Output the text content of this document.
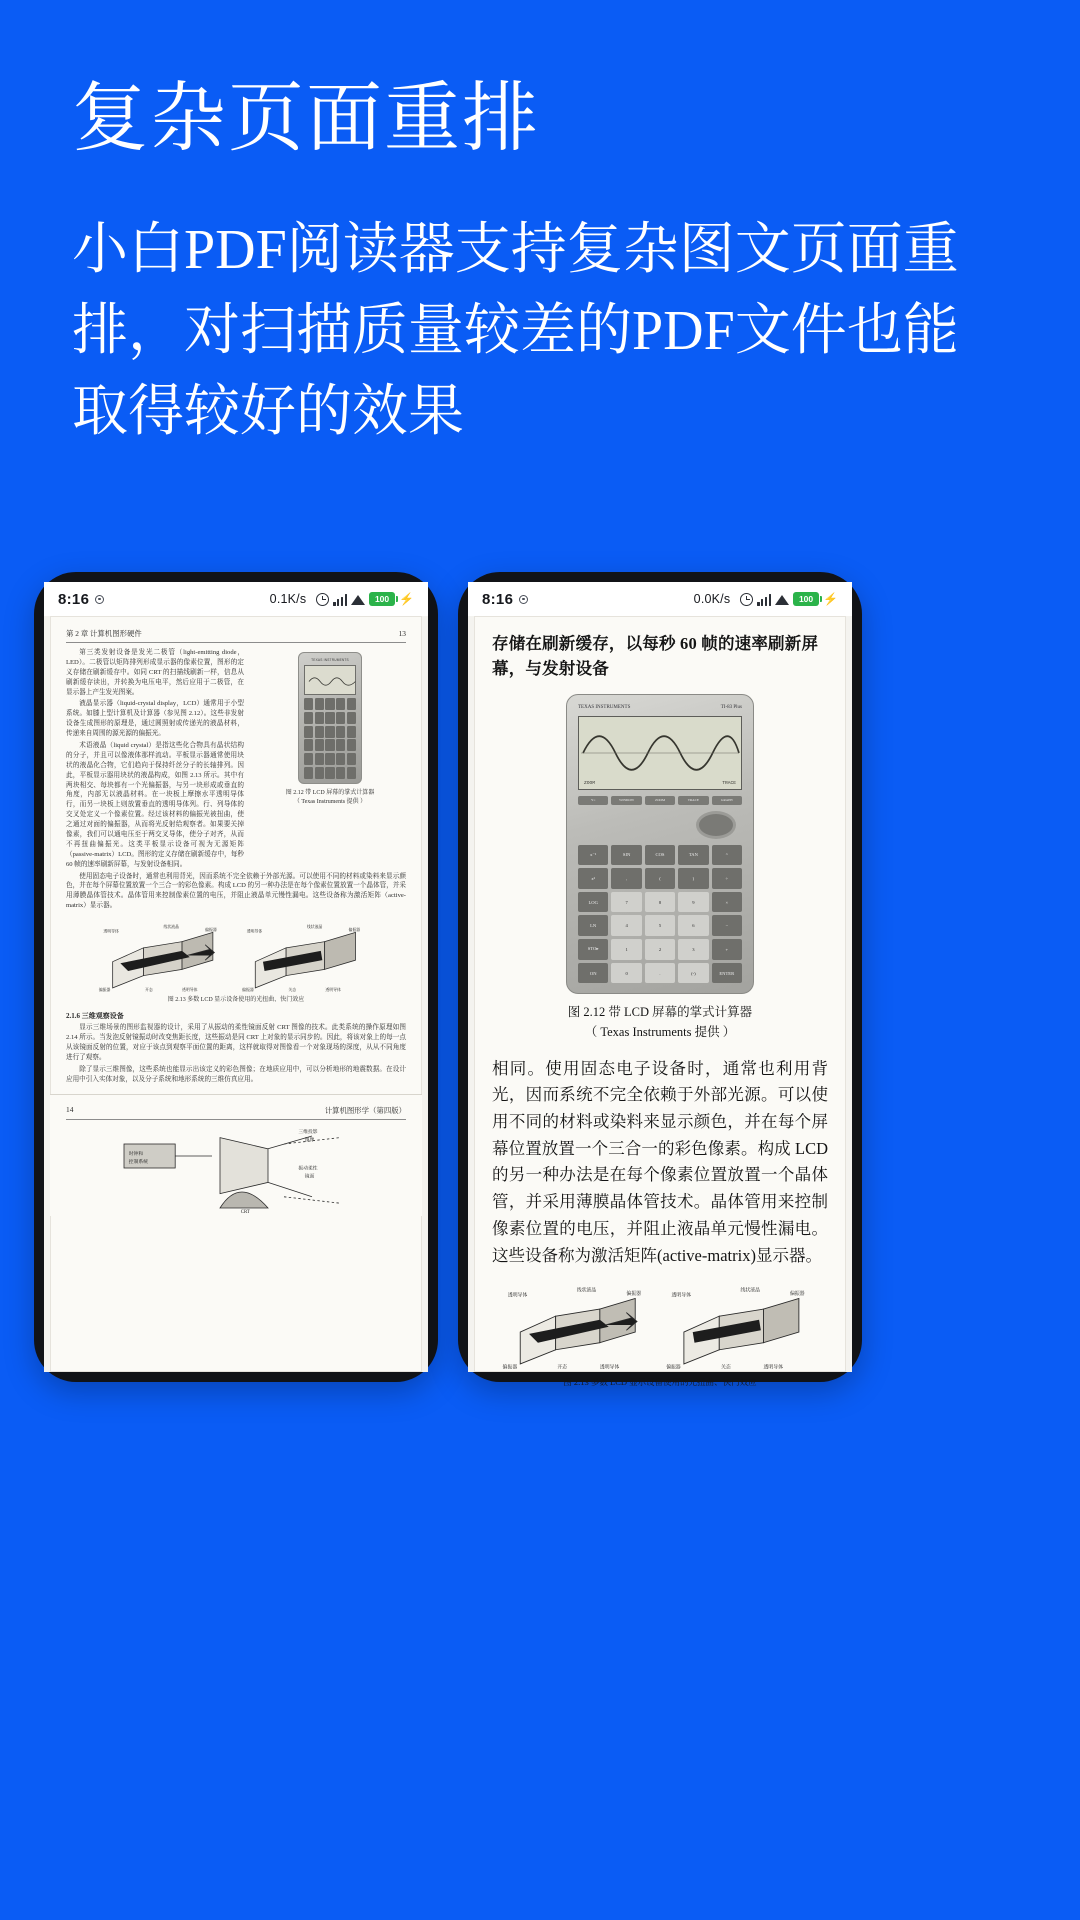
复杂页面重排
小白PDF阅读器支持复杂图文页面重排，对扫描质量较差的PDF文件也能取得较好的效果
8:16	0.1K/s	100 ⚡
第 2 章 计算机图形硬件	13

第三类发射设备是发光二极管（light-emitting diode，LED）。二极管以矩阵排列形成显示器的像素位置，图形的定义存储在刷新缓存中。如同 CRT 的扫描线刷新一样，信息从刷新缓存读出，并转换为电压电平，然后应用于二极管，在显示器上产生发光图案。

液晶显示器（liquid-crystal display，LCD）通常用于小型系统。如膝上型计算机及计算器（参见图 2.12）。这些非发射设备生成图形的原理是，通过圆照射或传递光的液晶材料，传递来自周围的源光源的偏振光。

术语液晶（liquid crystal）是指这些化合物具有晶状结构的分子，并且可以像液体那样流动。平板显示器通常使用块状的液晶化合物，它们趋向于保持纤丝分子的长轴排列。因此，平板显示器用块状的液晶构成，如图 2.13 所示。其中有两块相交、每块都有一个光偏振器，与另一块形成或垂直的角度，内部无以液晶材料。在一块板上摩擦水平透明导体行，而另一块板上则放置垂直的透明导体列。行、列导体的交叉处定义一个像素位置。经过该材料的偏振光被扭曲，使之通过对面的偏振器，从而将光反射给观察者。如果要关掉像素，我们可以通电压至于两交叉导体，使分子对齐，从而不再扭曲偏振光。这类平板显示设备可视为无源矩阵（passive-matrix）LCD。图形的定义存储在刷新缓存中，每秒 60 帧的速率刷新屏幕，与发射设备相同。

TEXAS INSTRUMENTS
图 2.12 带 LCD 屏幕的掌式计算器
（ Texas Instruments 提供 ）

使用固态电子设备时，通常也利用背光，因而系统不完全依赖于外部光源。可以使用不同的材料或染料来显示颜色，并在每个屏幕位置放置一个三合一的彩色像素。构成 LCD 的另一种办法是在每个像素位置放置一个晶体管，并采用薄膜晶体管技术。晶体管用来控制像素位置的电压，并阻止液晶单元慢性漏电。这些设备称为激活矩阵（active-matrix）显示器。

透明导体
线状液晶
偏振器
偏振器	开态	透明导体
透明导体
线状液晶
偏振器
偏振器	关态	透明导体
图 2.13 多数 LCD 显示设备使用的光扭曲、快门效应
2.1.6 三维观察设备

显示三维场景的图形监视器的设计，采用了从振动的柔性镜面反射 CRT 图像的技术。此类系统的操作原理如图 2.14 所示。当发泡反射镜振动时改变焦距长度，这些振动是同 CRT 上对象的显示同步的。因此，将该对象上的每一点从该镜面反射的位置，对应于该点到观察平面位置的距离，这样就取得对图像看一个对象现场的深度，从从不同角度进行了观察。

除了显示三维图像，这些系统也能显示出该定义的彩色图像；在地质应用中，可以分析地形的地震数据。在设计应用中引入实体对象，以及分子系统和地形系统的三维仿真应用。

14	计算机图形学（第四版）
时钟和
控制系统
三维投影
图像
振动柔性
镜面
CRT
8:16	0.0K/s	100 ⚡
存储在刷新缓存，以每秒 60 帧的速率刷新屏幕，与发射设备
TEXAS INSTRUMENTS	TI-83 Plus
ZOOM	TRACE
Y=	WINDOW	ZOOM	TRACE	GRAPH
x⁻¹	SIN	COS	TAN	^
x²	,	(	)	÷
LOG	7	8	9	×
LN	4	5	6	−
STO▸	1	2	3	+
ON	0	.	(-)	ENTER
图 2.12 带 LCD 屏幕的掌式计算器
（ Texas Instruments 提供 ）

相同。使用固态电子设备时，通常也利用背光，因而系统不完全依赖于外部光源。可以使用不同的材料或染料来显示颜色，并在每个屏幕位置放置一个三合一的彩色像素。构成 LCD 的另一种办法是在每个像素位置放置一个晶体管，并采用薄膜晶体管技术。晶体管用来控制像素位置的电压，并阻止液晶单元慢性漏电。这些设备称为激活矩阵(active-matrix)显示器。

透明导体
线状液晶
偏振器
偏振器	开态	透明导体
透明导体
线状液晶
偏振器
偏振器	关态	透明导体
图 2.13 多数 LCD 显示设备使用的光扭曲、快门效应
